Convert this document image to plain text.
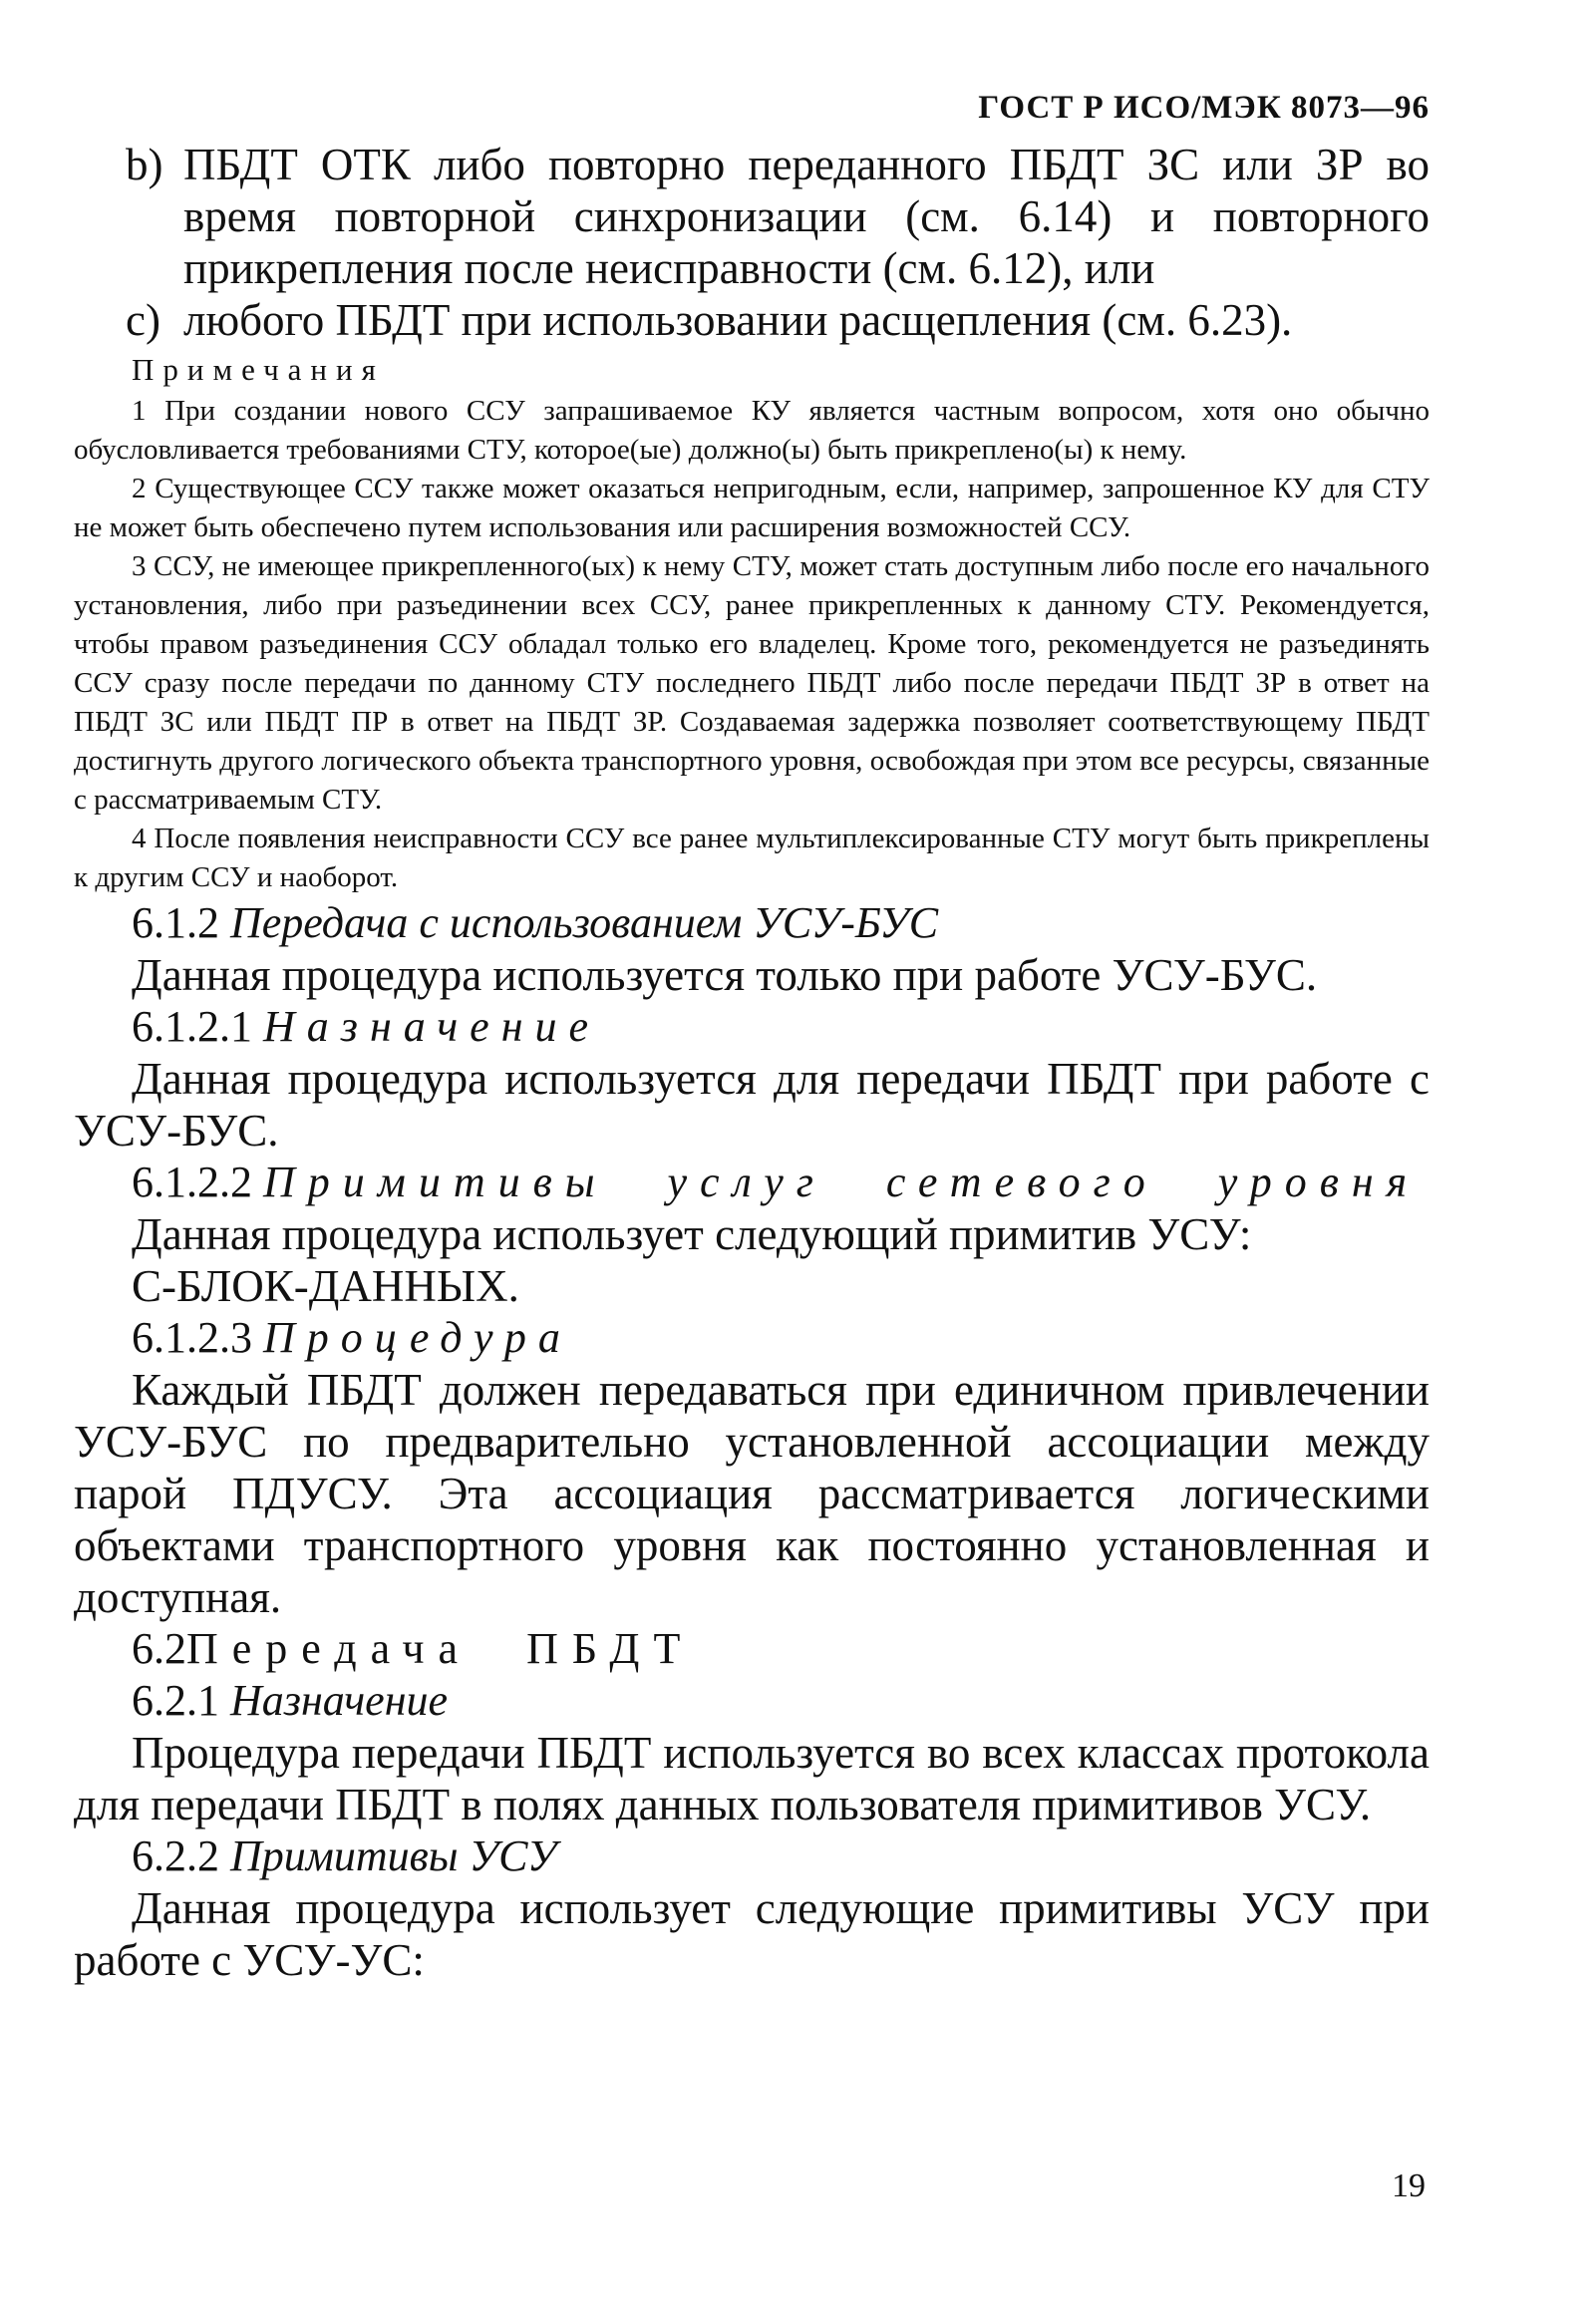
ГОСТ Р ИСО/МЭК 8073—96
b) ПБДТ ОТК либо повторно переданного ПБДТ ЗС или ЗР во время повторной синхронизации (см. 6.14) и повторного прикрепления после неисправности (см. 6.12), или
c) любого ПБДТ при использовании расщепления (см. 6.23).
Примечания

1 При создании нового ССУ запрашиваемое КУ является частным вопросом, хотя оно обычно обусловливается требованиями СТУ, которое(ые) должно(ы) быть прикреплено(ы) к нему.

2 Существующее ССУ также может оказаться непригодным, если, например, запрошенное КУ для СТУ не может быть обеспечено путем использования или расширения возможностей ССУ.

3 ССУ, не имеющее прикрепленного(ых) к нему СТУ, может стать доступным либо после его начального установления, либо при разъединении всех ССУ, ранее прикрепленных к данному СТУ. Рекомендуется, чтобы правом разъединения ССУ обладал только его владелец. Кроме того, рекомендуется не разъединять ССУ сразу после передачи по данному СТУ последнего ПБДТ либо после передачи ПБДТ ЗР в ответ на ПБДТ ЗС или ПБДТ ПР в ответ на ПБДТ ЗР. Создаваемая задержка позволяет соответствующему ПБДТ достигнуть другого логического объекта транспортного уровня, освобождая при этом все ресурсы, связанные с рассматриваемым СТУ.

4 После появления неисправности ССУ все ранее мультиплексированные СТУ могут быть прикреплены к другим ССУ и наоборот.

6.1.2 Передача с использованием УСУ-БУС

Данная процедура используется только при работе УСУ-БУС.

6.1.2.1 Назначение

Данная процедура используется для передачи ПБДТ при работе с УСУ-БУС.

6.1.2.2 Примитивы услуг сетевого уровня

Данная процедура использует следующий примитив УСУ:

С-БЛОК-ДАННЫХ.

6.1.2.3 Процедура

Каждый ПБДТ должен передаваться при единичном привлечении УСУ-БУС по предварительно установленной ассоциации между парой ПДУСУ. Эта ассоциация рассматривается логическими объектами транспортного уровня как постоянно установленная и доступная.

6.2Передача ПБДТ
6.2.1 Назначение

Процедура передачи ПБДТ используется во всех классах протокола для передачи ПБДТ в полях данных пользователя примитивов УСУ.

6.2.2 Примитивы УСУ

Данная процедура использует следующие примитивы УСУ при работе с УСУ-УС:

19
